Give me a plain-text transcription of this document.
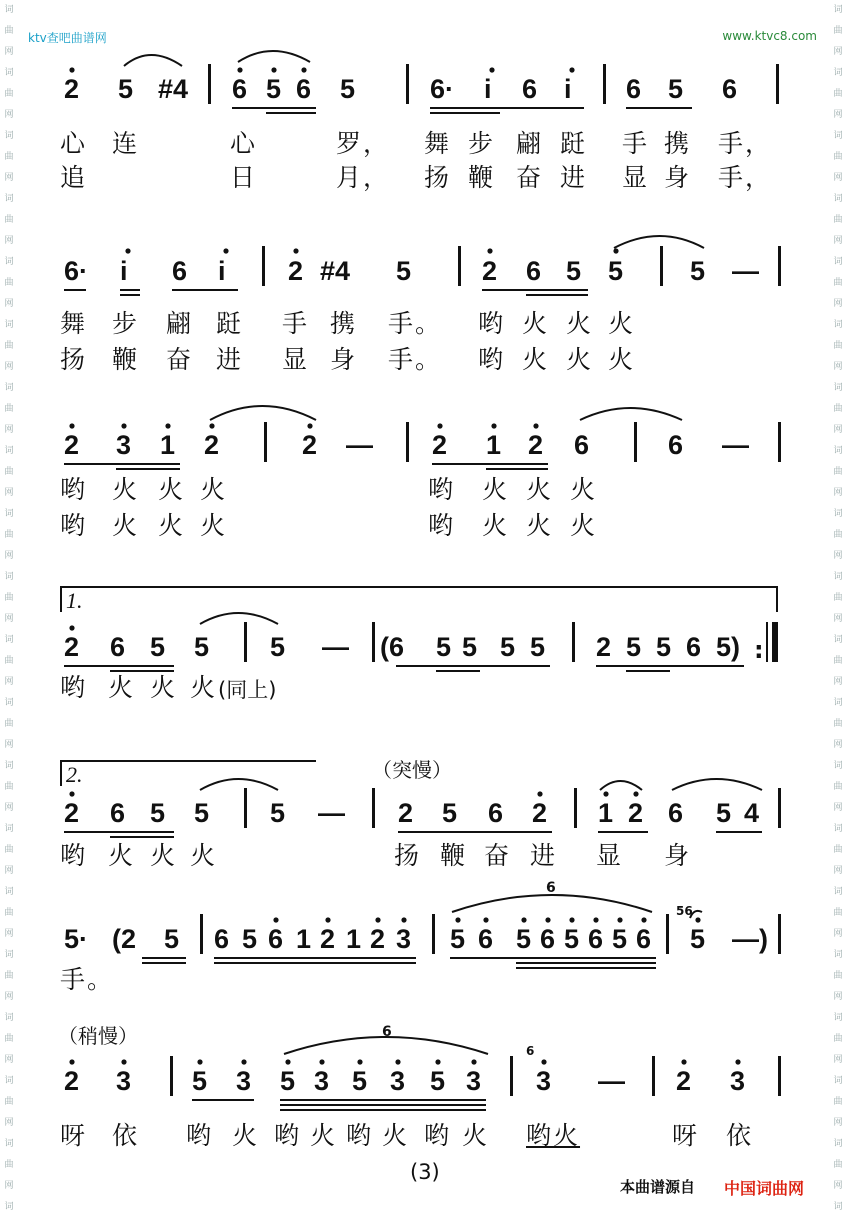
词
曲
网
词
曲
网
词
曲
网
词
曲
网
词
曲
网
词
曲
网
词
曲
网
词
曲
网
词
曲
网
词
曲
网
词
曲
网
词
曲
网
词
曲
网
词
曲
网
词
曲
网
词
曲
网
词
曲
网
词
曲
网
词
曲
网
词
词
曲
网
词
曲
网
词
曲
网
词
曲
网
词
曲
网
词
曲
网
词
曲
网
词
曲
网
词
曲
网
词
曲
网
词
曲
网
词
曲
网
词
曲
网
词
曲
网
词
曲
网
词
曲
网
词
曲
网
词
曲
网
词
曲
网
词
ktv查吧曲谱网	www.ktvc8.com
2 5 #4 6 5 6 5	6· i 6 i 6 5 6
心 连	心	罗， 舞 步 翩 跹 手 携 手，
追	日	月， 扬 鞭 奋 进 显 身 手，
6· i 6 i 2 #4 5	2 6 5 5 5 —
舞 步 翩 跹 手 携 手。 哟 火 火 火
扬 鞭 奋 进 显 身 手。 哟 火 火 火
2 3 1 2	2 — 2 1 2 6	6 —
哟 火 火 火	哟 火 火 火
哟 火 火 火	哟 火 火 火
1.
2 6 5 5 5 — (6 5 5 5 5 2 5 5 6 5) :
哟 火 火 火 (同上)
2.	（突慢）
2 6 5 5 5 — 2 5 6 2 1 2 6 5 4
哟 火 火 火	扬 鞭 奋 进 显 身
5· (2 5 6 5 6 1 2 1 2 3 5 6 5 6 5 6 5 6
56
5 —)
6
手。
（稍慢）	6
2 3 5 3 5 3 5 3 5 3
6
3 — 2 3
呀 依 哟 火 哟 火 哟 火 哟 火 哟火	呀 依
(3)
本曲谱源自 中国词曲网
